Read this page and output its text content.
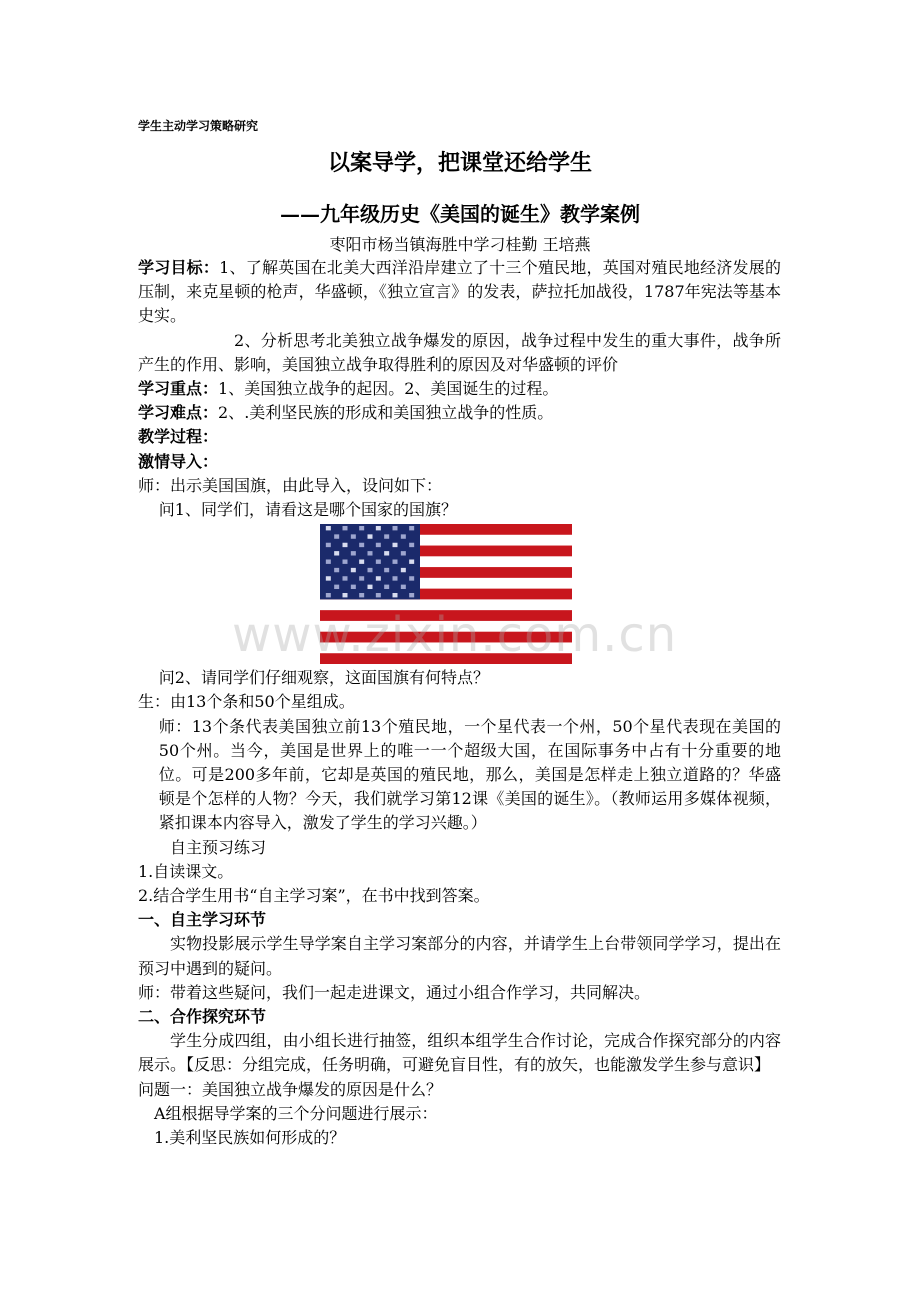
学生主动学习策略研究
以案导学，把课堂还给学生
——九年级历史《美国的诞生》教学案例
枣阳市杨当镇海胜中学刁桂勤 王培燕

学习目标：1、了解英国在北美大西洋沿岸建立了十三个殖民地，英国对殖民地经济发展的压制，来克星顿的枪声，华盛顿，《独立宣言》的发表，萨拉托加战役，1787年宪法等基本史实。

2、分析思考北美独立战争爆发的原因，战争过程中发生的重大事件，战争所产生的作用、影响，美国独立战争取得胜利的原因及对华盛顿的评价

学习重点：1、美国独立战争的起因。2、美国诞生的过程。

学习难点：2、.美利坚民族的形成和美国独立战争的性质。

教学过程：

激情导入：

师：出示美国国旗，由此导入，设问如下：

问1、同学们，请看这是哪个国家的国旗？

问2、请同学们仔细观察，这面国旗有何特点？

生：由13个条和50个星组成。

师：13个条代表美国独立前13个殖民地，一个星代表一个州，50个星代表现在美国的50个州。当今，美国是世界上的唯一一个超级大国，在国际事务中占有十分重要的地位。可是200多年前，它却是英国的殖民地，那么，美国是怎样走上独立道路的？华盛顿是个怎样的人物？今天，我们就学习第12课《美国的诞生》。（教师运用多媒体视频，紧扣课本内容导入，激发了学生的学习兴趣。）

自主预习练习

1.自读课文。

2.结合学生用书“自主学习案”，在书中找到答案。

一、自主学习环节

实物投影展示学生导学案自主学习案部分的内容，并请学生上台带领同学学习，提出在预习中遇到的疑问。

师：带着这些疑问，我们一起走进课文，通过小组合作学习，共同解决。

二、合作探究环节

学生分成四组，由小组长进行抽签，组织本组学生合作讨论，完成合作探究部分的内容展示。【反思：分组完成，任务明确，可避免盲目性，有的放矢，也能激发学生参与意识】

问题一：美国独立战争爆发的原因是什么？

A组根据导学案的三个分问题进行展示：

1.美利坚民族如何形成的？

www.zixin.com.cn
